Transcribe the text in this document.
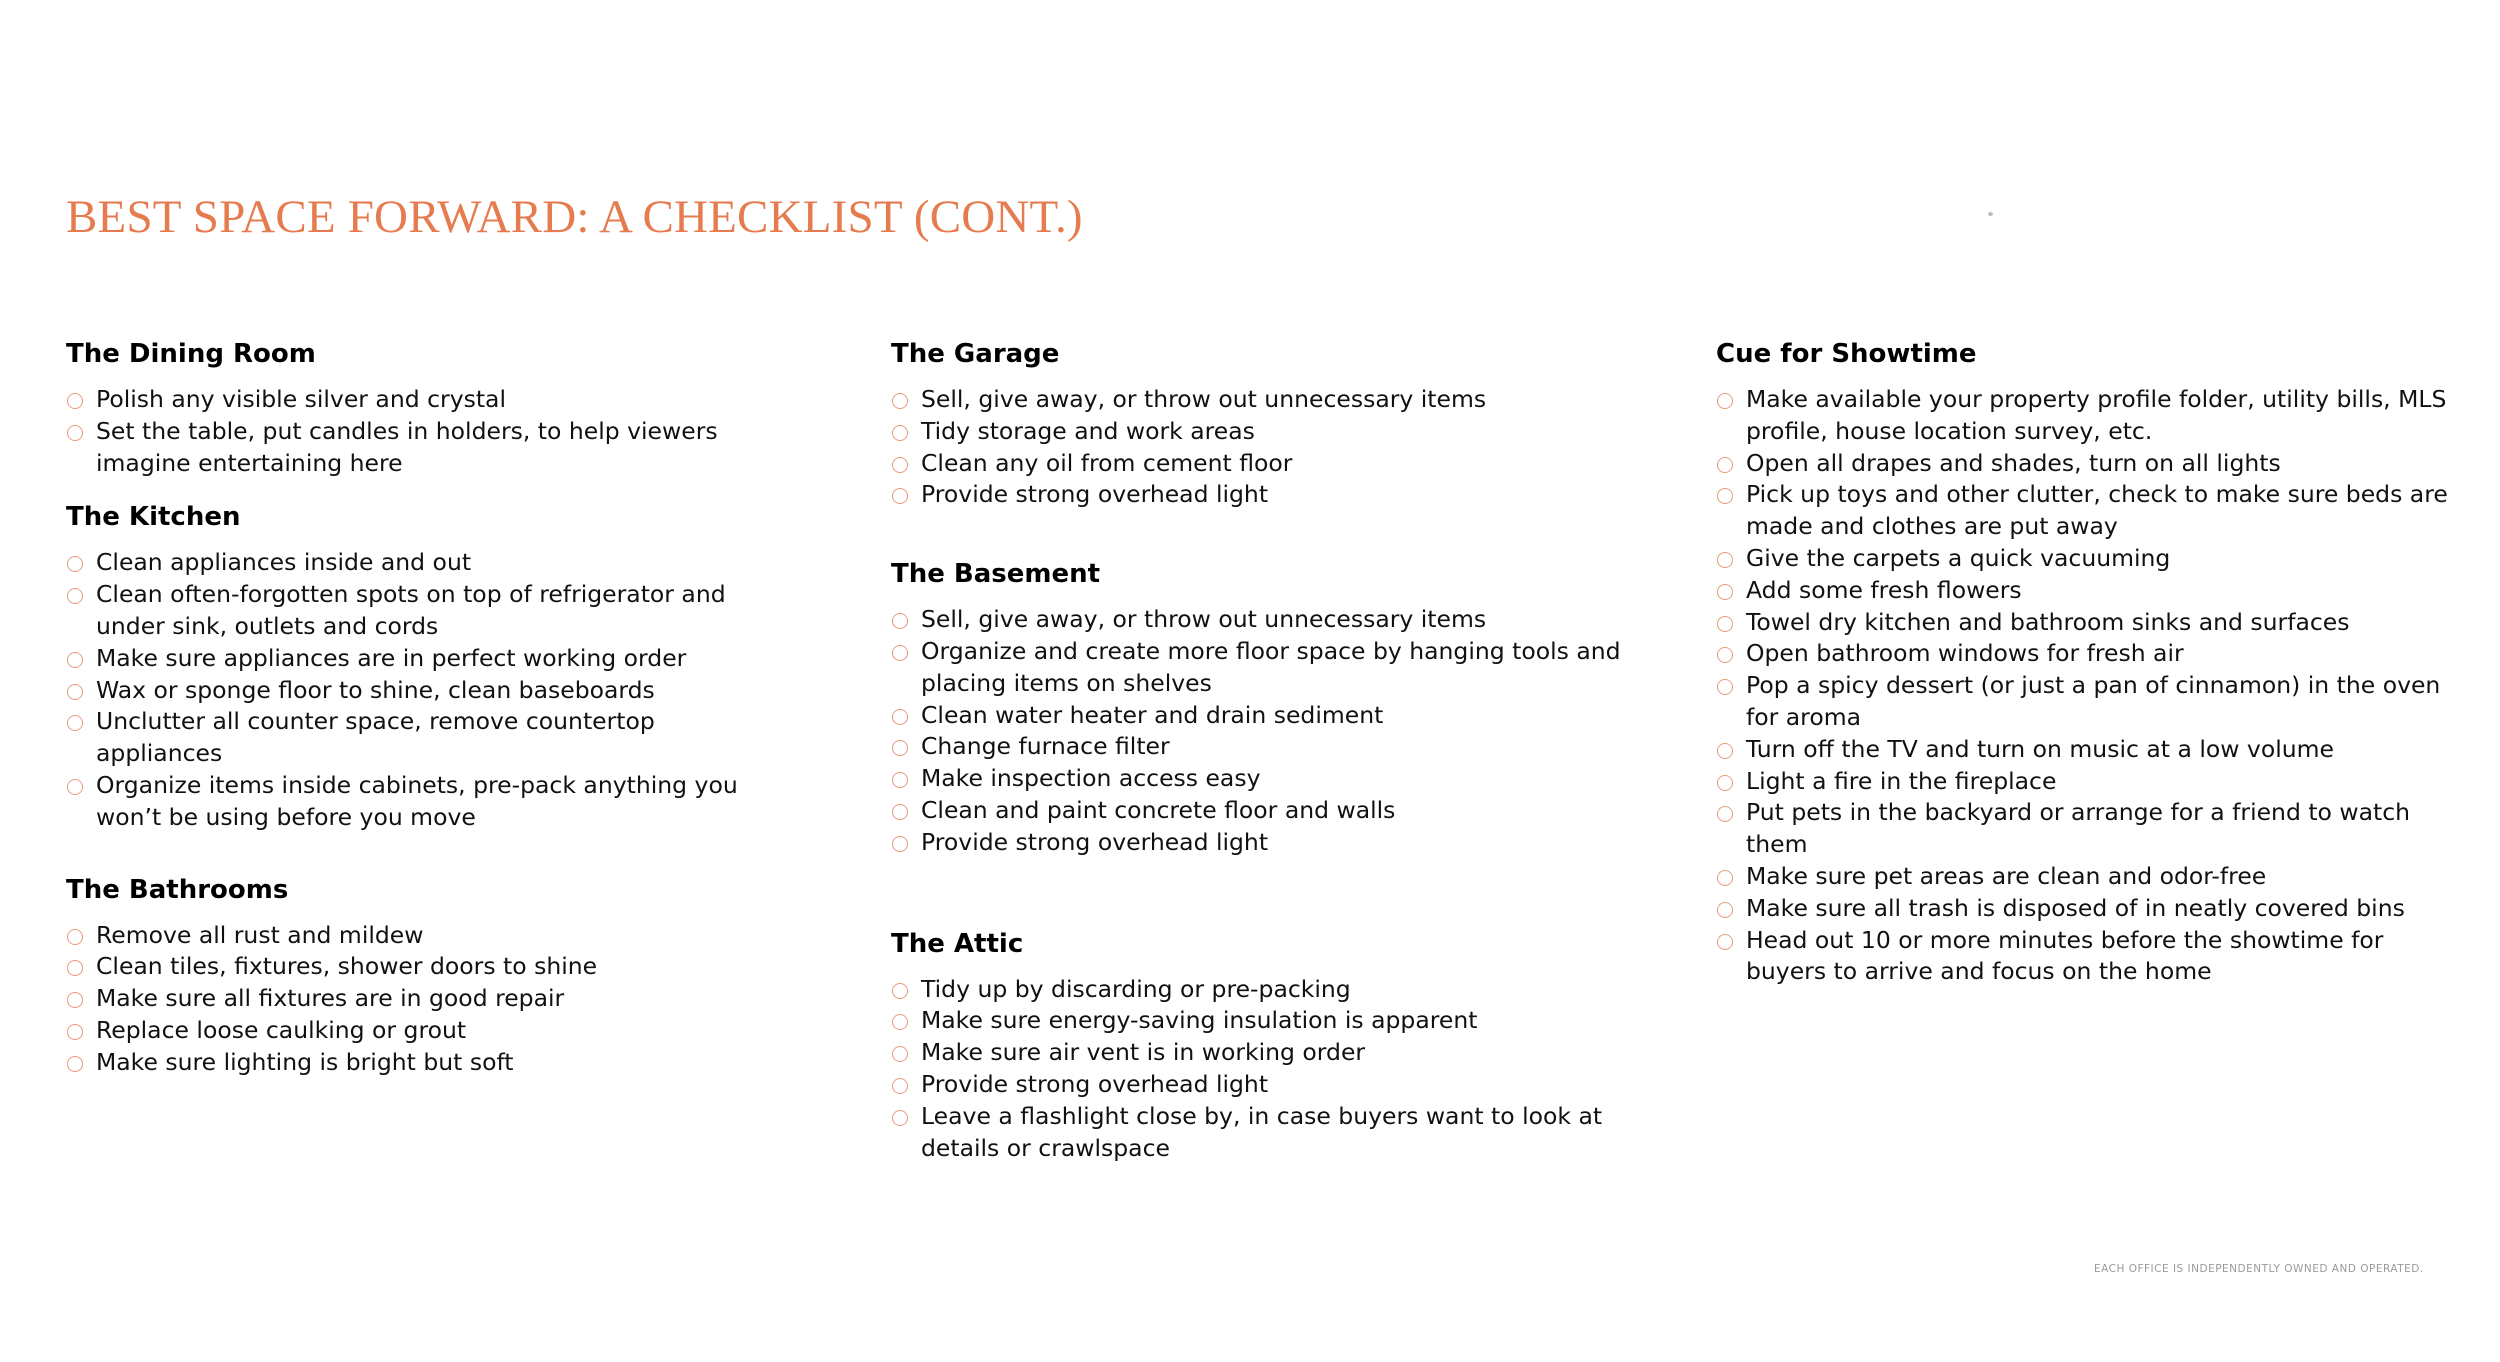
BEST SPACE FORWARD: A CHECKLIST (CONT.)
The Dining Room
Polish any visible silver and crystal
Set the table, put candles in holders, to help viewers imagine entertaining here
The Kitchen
Clean appliances inside and out
Clean often-forgotten spots on top of refrigerator and under sink, outlets and cords
Make sure appliances are in perfect working order
Wax or sponge floor to shine, clean baseboards
Unclutter all counter space, remove countertop appliances
Organize items inside cabinets, pre-pack anything you won’t be using before you move
The Bathrooms
Remove all rust and mildew
Clean tiles, fixtures, shower doors to shine
Make sure all fixtures are in good repair
Replace loose caulking or grout
Make sure lighting is bright but soft
The Garage
Sell, give away, or throw out unnecessary items
Tidy storage and work areas
Clean any oil from cement floor
Provide strong overhead light
The Basement
Sell, give away, or throw out unnecessary items
Organize and create more floor space by hanging tools and placing items on shelves
Clean water heater and drain sediment
Change furnace filter
Make inspection access easy
Clean and paint concrete floor and walls
Provide strong overhead light
The Attic
Tidy up by discarding or pre-packing
Make sure energy-saving insulation is apparent
Make sure air vent is in working order
Provide strong overhead light
Leave a flashlight close by, in case buyers want to look at details or crawlspace
Cue for Showtime
Make available your property profile folder, utility bills, MLS profile, house location survey, etc.
Open all drapes and shades, turn on all lights
Pick up toys and other clutter, check to make sure beds are made and clothes are put away
Give the carpets a quick vacuuming
Add some fresh flowers
Towel dry kitchen and bathroom sinks and surfaces
Open bathroom windows for fresh air
Pop a spicy dessert (or just a pan of cinnamon) in the oven for aroma
Turn off the TV and turn on music at a low volume
Light a fire in the fireplace
Put pets in the backyard or arrange for a friend to watch them
Make sure pet areas are clean and odor-free
Make sure all trash is disposed of in neatly covered bins
Head out 10 or more minutes before the showtime for buyers to arrive and focus on the home
EACH OFFICE IS INDEPENDENTLY OWNED AND OPERATED.
